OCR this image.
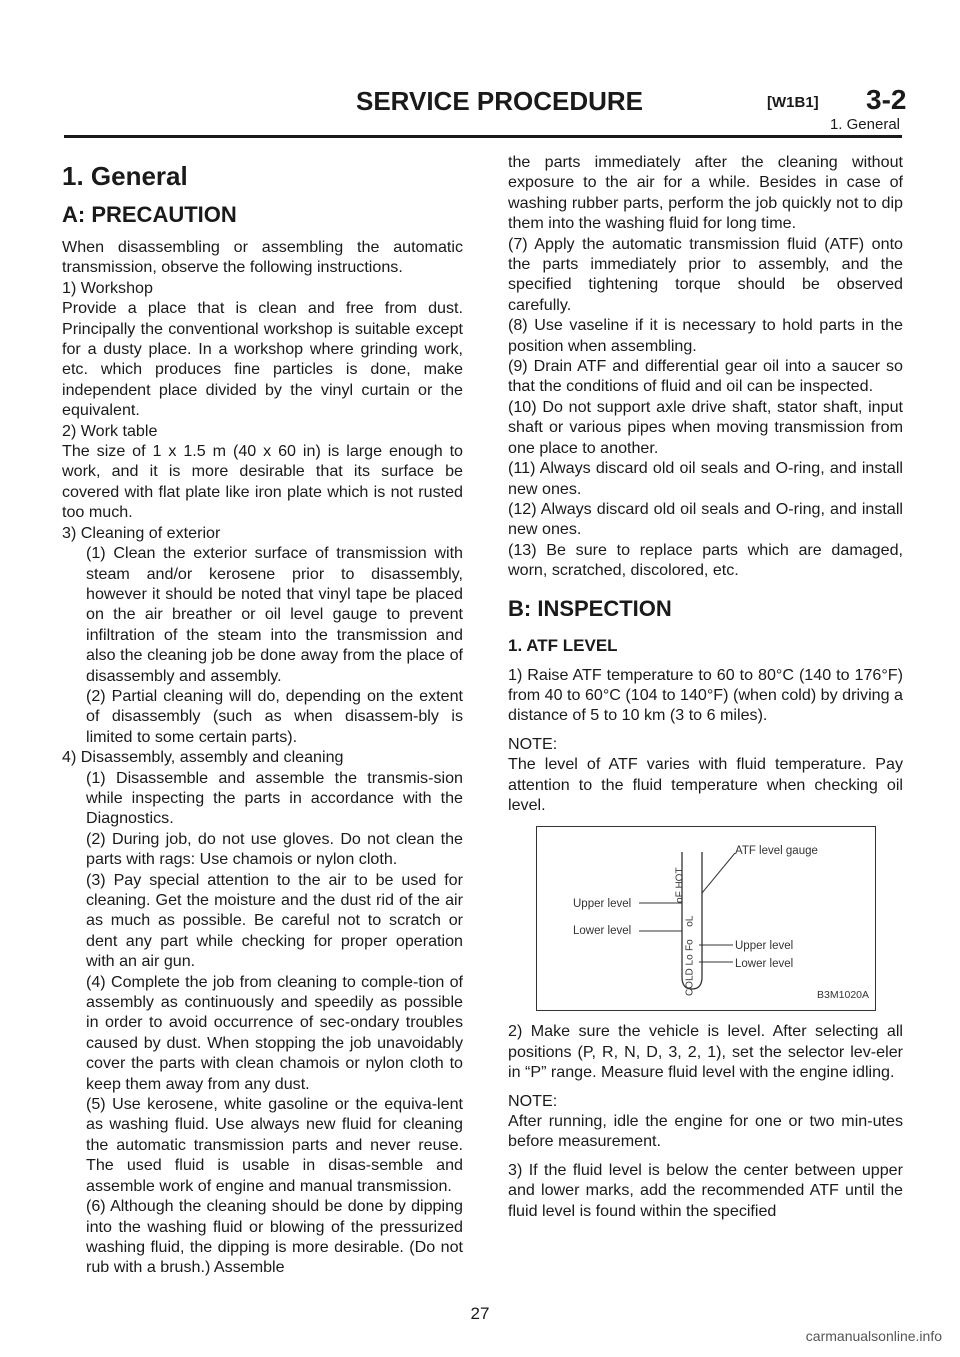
SERVICE PROCEDURE	[W1B1] 3-2
1. General
1. General
A: PRECAUTION

When disassembling or assembling the automatic transmission, observe the following instructions.

1) Workshop

Provide a place that is clean and free from dust. Principally the conventional workshop is suitable except for a dusty place. In a workshop where grinding work, etc. which produces fine particles is done, make independent place divided by the vinyl curtain or the equivalent.

2) Work table

The size of 1 x 1.5 m (40 x 60 in) is large enough to work, and it is more desirable that its surface be covered with flat plate like iron plate which is not rusted too much.

3) Cleaning of exterior

(1) Clean the exterior surface of transmission with steam and/or kerosene prior to disassembly, however it should be noted that vinyl tape be placed on the air breather or oil level gauge to prevent infiltration of the steam into the transmission and also the cleaning job be done away from the place of disassembly and assembly.

(2) Partial cleaning will do, depending on the extent of disassembly (such as when disassem-bly is limited to some certain parts).

4) Disassembly, assembly and cleaning

(1) Disassemble and assemble the transmis-sion while inspecting the parts in accordance with the Diagnostics.

(2) During job, do not use gloves. Do not clean the parts with rags: Use chamois or nylon cloth.

(3) Pay special attention to the air to be used for cleaning. Get the moisture and the dust rid of the air as much as possible. Be careful not to scratch or dent any part while checking for proper operation with an air gun.

(4) Complete the job from cleaning to comple-tion of assembly as continuously and speedily as possible in order to avoid occurrence of sec-ondary troubles caused by dust. When stopping the job unavoidably cover the parts with clean chamois or nylon cloth to keep them away from any dust.

(5) Use kerosene, white gasoline or the equiva-lent as washing fluid. Use always new fluid for cleaning the automatic transmission parts and never reuse. The used fluid is usable in disas-semble and assemble work of engine and manual transmission.

(6) Although the cleaning should be done by dipping into the washing fluid or blowing of the pressurized washing fluid, the dipping is more desirable. (Do not rub with a brush.) Assemble

the parts immediately after the cleaning without exposure to the air for a while. Besides in case of washing rubber parts, perform the job quickly not to dip them into the washing fluid for long time.

(7) Apply the automatic transmission fluid (ATF) onto the parts immediately prior to assembly, and the specified tightening torque should be observed carefully.

(8) Use vaseline if it is necessary to hold parts in the position when assembling.

(9) Drain ATF and differential gear oil into a saucer so that the conditions of fluid and oil can be inspected.

(10) Do not support axle drive shaft, stator shaft, input shaft or various pipes when moving transmission from one place to another.

(11) Always discard old oil seals and O-ring, and install new ones.

(12) Always discard old oil seals and O-ring, and install new ones.

(13) Be sure to replace parts which are damaged, worn, scratched, discolored, etc.

B: INSPECTION
1. ATF LEVEL

1) Raise ATF temperature to 60 to 80°C (140 to 176°F) from 40 to 60°C (104 to 140°F) (when cold) by driving a distance of 5 to 10 km (3 to 6 miles).

NOTE:

The level of ATF varies with fluid temperature. Pay attention to the fluid temperature when checking oil level.

ATF level gauge
Upper level
Lower level
Upper level
Lower level
oF HOT
oL
Fo
COLD Lo	B3M1020A

2) Make sure the vehicle is level. After selecting all positions (P, R, N, D, 3, 2, 1), set the selector lev-eler in “P” range. Measure fluid level with the engine idling.

NOTE:

After running, idle the engine for one or two min-utes before measurement.

3) If the fluid level is below the center between upper and lower marks, add the recommended ATF until the fluid level is found within the specified

27
carmanualsonline.info
